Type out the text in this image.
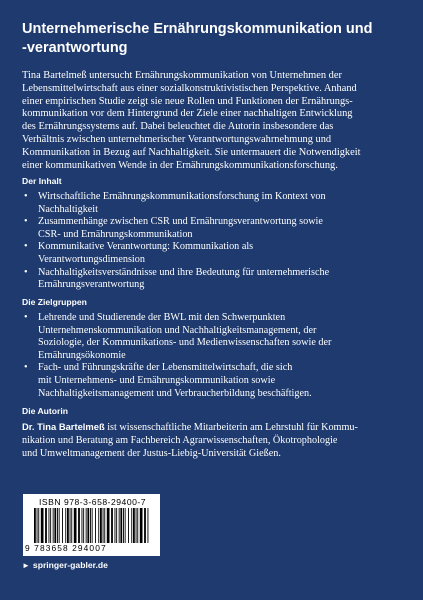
Unternehmerische Ernährungskommunikation und
-verantwortung

Tina Bartelmeß untersucht Ernährungskommunikation von Unternehmen der
Lebensmittelwirtschaft aus einer sozialkonstruktivistischen Perspektive. Anhand
einer empirischen Studie zeigt sie neue Rollen und Funktionen der Ernährungs-
kommunikation vor dem Hintergrund der Ziele einer nachhaltigen Entwicklung
des Ernährungssystems auf. Dabei beleuchtet die Autorin insbesondere das
Verhältnis zwischen unternehmerischer Verantwortungswahrnehmung und
Kommunikation in Bezug auf Nachhaltigkeit. Sie untermauert die Notwendigkeit
einer kommunikativen Wende in der Ernährungskommunikationsforschung.

Der Inhalt
• Wirtschaftliche Ernährungskommunikationsforschung im Kontext von
Nachhaltigkeit
• Zusammenhänge zwischen CSR und Ernährungsverantwortung sowie
CSR- und Ernährungskommunikation
• Kommunikative Verantwortung: Kommunikation als
Verantwortungsdimension
• Nachhaltigkeitsverständnisse und ihre Bedeutung für unternehmerische
Ernährungsverantwortung
Die Zielgruppen
• Lehrende und Studierende der BWL mit den Schwerpunkten
Unternehmenskommunikation und Nachhaltigkeitsmanagement, der
Soziologie, der Kommunikations- und Medienwissenschaften sowie der
Ernährungsökonomie
• Fach- und Führungskräfte der Lebensmittelwirtschaft, die sich
mit Unternehmens- und Ernährungskommunikation sowie
Nachhaltigkeitsmanagement und Verbraucherbildung beschäftigen.
Die Autorin
Dr. Tina Bartelmeß ist wissenschaftliche Mitarbeiterin am Lehrstuhl für Kommu-
nikation und Beratung am Fachbereich Agrarwissenschaften, Ökotrophologie
und Umweltmanagement der Justus-Liebig-Universität Gießen.
ISBN 978-3-658-29400-7
9 783658 294007
► springer-gabler.de
